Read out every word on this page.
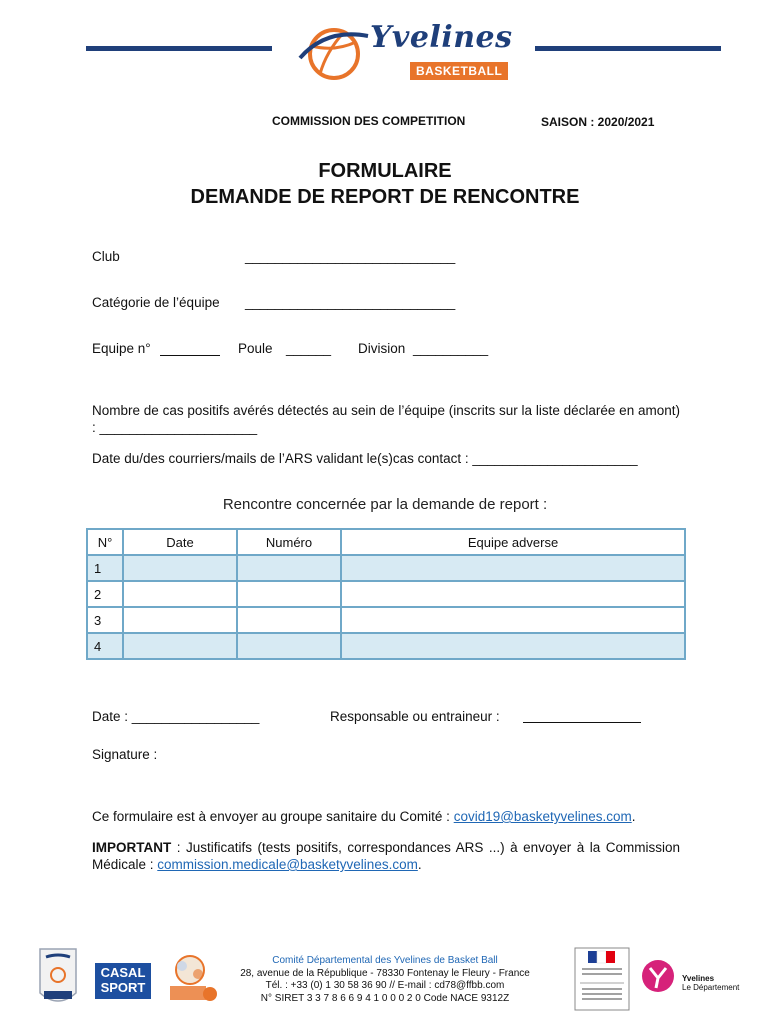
Yvelines
BASKETBALL
COMMISSION DES COMPETITION	SAISON : 2020/2021
FORMULAIRE
DEMANDE DE REPORT DE RENCONTRE
Club	____________________________
Catégorie de l’équipe ____________________________
Equipe n°	Poule ______ Division __________
Nombre de cas positifs avérés détectés au sein de l’équipe (inscrits sur la liste déclarée en amont) : _____________________
Date du/des courriers/mails de l’ARS validant le(s)cas contact : ______________________
Rencontre concernée par la demande de report :
N°	Date	Numéro	Equipe adverse
1			
2			
3			
4			
Date : _________________	Responsable ou entraineur :
Signature :
Ce formulaire est à envoyer au groupe sanitaire du Comité : covid19@basketyvelines.com.
IMPORTANT : Justificatifs (tests positifs, correspondances ARS ...) à envoyer à la Commission Médicale : commission.medicale@basketyvelines.com.
CASAL
SPORT
Comité Départemental des Yvelines de Basket Ball
28, avenue de la République - 78330 Fontenay le Fleury - France
Tél. : +33 (0) 1 30 58 36 90 // E-mail : cd78@ffbb.com
N° SIRET 3 3 7 8 6 6 9 4 1 0 0 0 2 0 Code NACE 9312Z
Yvelines
Le Département
